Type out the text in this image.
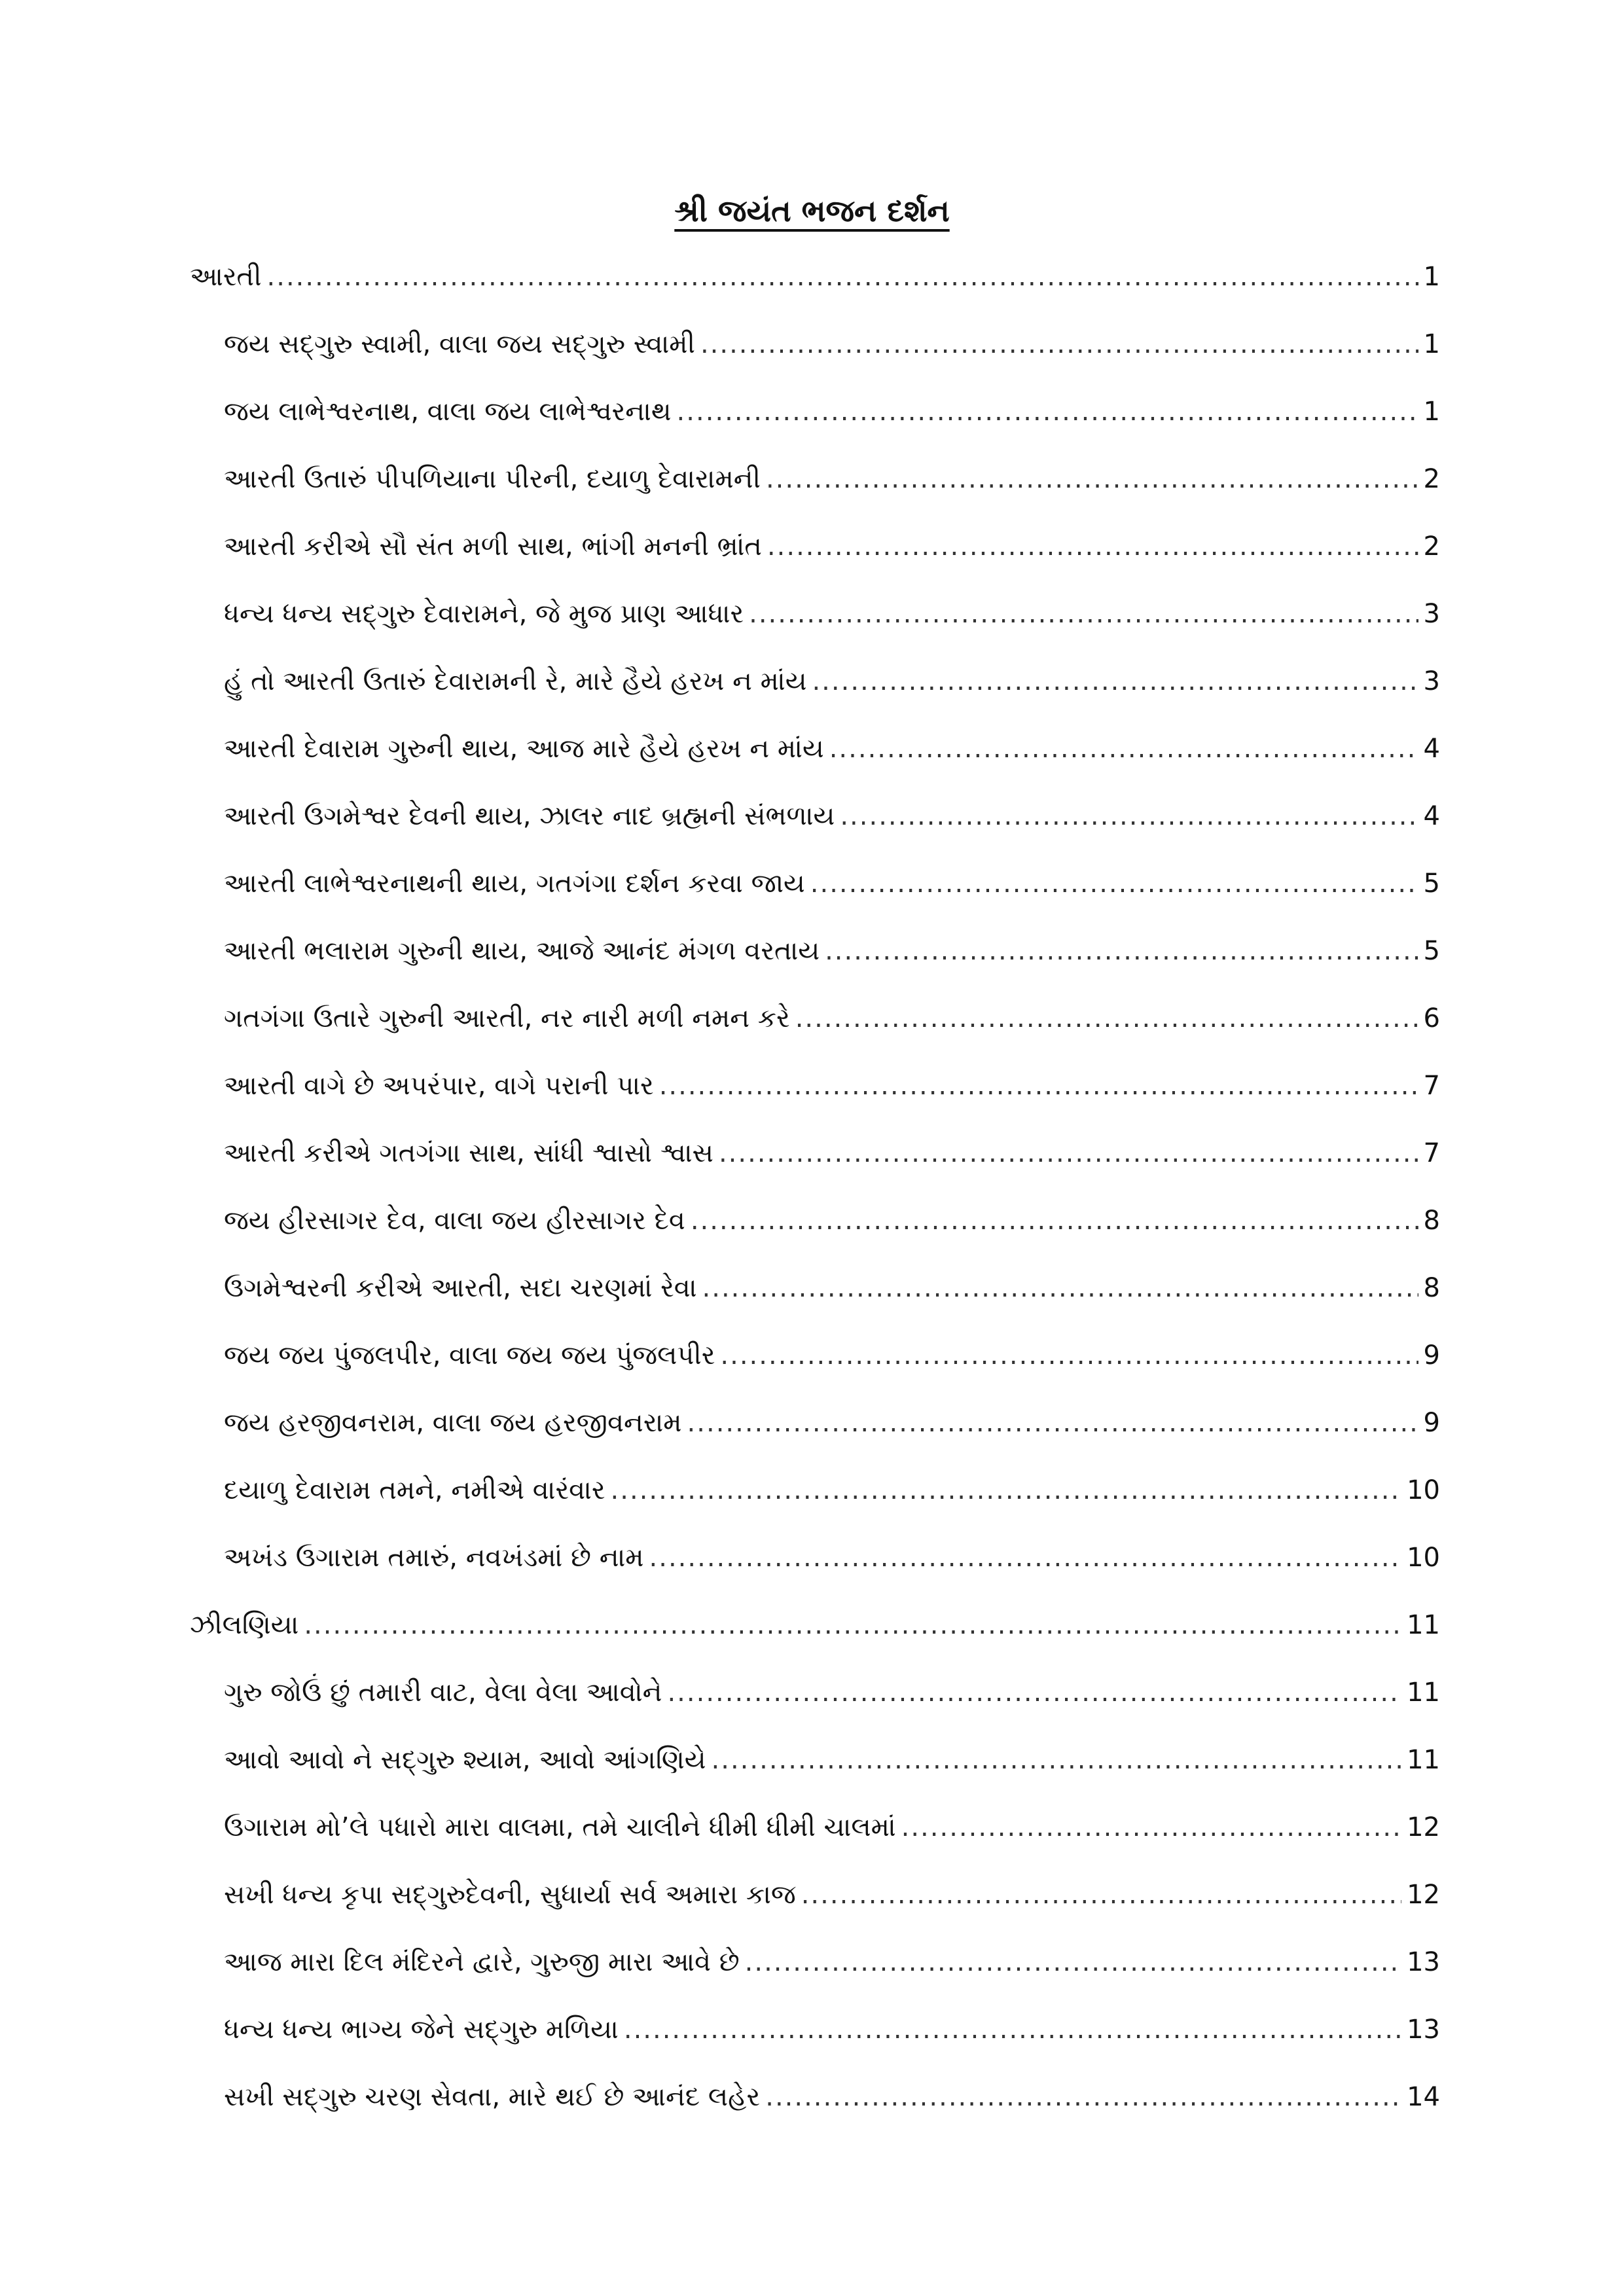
શ્રી જયંત ભજન દર્શન
આરતી .....	1
જય સદ્‌ગુરુ સ્વામી, વાલા જય સદ્‌ગુરુ સ્વામી .....	1
જય લાભેશ્વરનાથ, વાલા જય લાભેશ્વરનાથ .....	1
આરતી ઉતારું પીપળિયાના પીરની, દયાળુ દેવારામની .....	2
આરતી કરીએ સૌ સંત મળી સાથ, ભાંગી મનની ભ્રાંત .....	2
ધન્ય ધન્ય સદ્‌ગુરુ દેવારામને, જે મુજ પ્રાણ આધાર .....	3
હું તો આરતી ઉતારું દેવારામની રે, મારે હૈયે હરખ ન માંય .....	3
આરતી દેવારામ ગુરુની થાય, આજ મારે હૈયે હરખ ન માંય .....	4
આરતી ઉગમેશ્વર દેવની થાય, ઝાલર નાદ બ્રહ્મની સંભળાય .....	4
આરતી લાભેશ્વરનાથની થાય, ગતગંગા દર્શન કરવા જાય .....	5
આરતી ભલારામ ગુરુની થાય, આજે આનંદ મંગળ વરતાય .....	5
ગતગંગા ઉતારે ગુરુની આરતી, નર નારી મળી નમન કરે .....	6
આરતી વાગે છે અપરંપાર, વાગે પરાની પાર .....	7
આરતી કરીએ ગતગંગા સાથ, સાંધી શ્વાસો શ્વાસ .....	7
જય હીરસાગર દેવ, વાલા જય હીરસાગર દેવ .....	8
ઉગમેશ્વરની કરીએ આરતી, સદા ચરણમાં રેવા .....	8
જય જય પુંજલપીર, વાલા જય જય પુંજલપીર .....	9
જય હરજીવનરામ, વાલા જય હરજીવનરામ .....	9
દયાળુ દેવારામ તમને, નમીએ વારંવાર .....	10
અખંડ ઉગારામ તમારું, નવખંડમાં છે નામ .....	10
ઝીલણિયા .....	11
ગુરુ જોઉં છું તમારી વાટ, વેલા વેલા આવોને .....	11
આવો આવો ને સદ્‌ગુરુ શ્યામ, આવો આંગણિયે .....	11
ઉગારામ મો’લે પધારો મારા વાલમા, તમે ચાલીને ધીમી ધીમી ચાલમાં .....	12
સખી ધન્ય કૃપા સદ્‌ગુરુદેવની, સુધાર્યા સર્વ અમારા કાજ .....	12
આજ મારા દિલ મંદિરને દ્વારે, ગુરુજી મારા આવે છે .....	13
ધન્ય ધન્ય ભાગ્ય જેને સદ્‌ગુરુ મળિયા .....	13
સખી સદ્‌ગુરુ ચરણ સેવતા, મારે થઈ છે આનંદ લહેર .....	14
